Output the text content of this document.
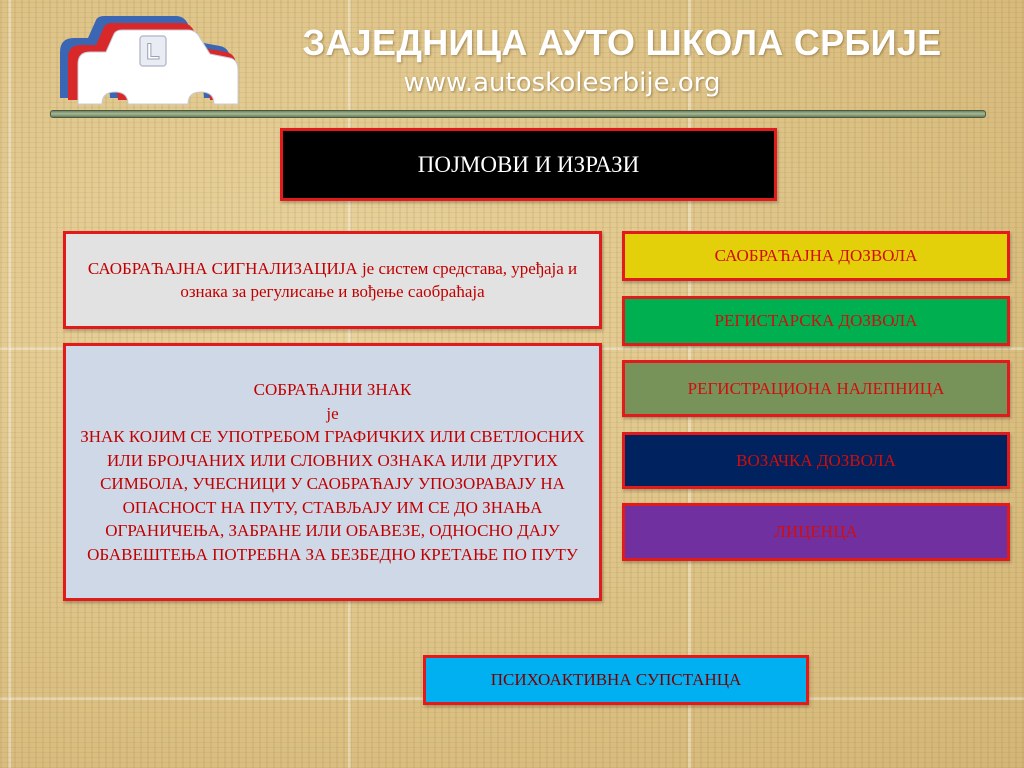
L	ЗАЈЕДНИЦА АУТО ШКОЛА СРБИЈЕ
www.autoskolesrbije.org
ПОЈМОВИ И ИЗРАЗИ
САОБРАЋАЈНА СИГНАЛИЗАЦИЈА је систем средстава, уређаја и ознака за регулисање и вођење саобраћаја
СОБРАЋАЈНИ ЗНАК
је
ЗНАК КОЈИМ СЕ УПОТРЕБОМ ГРАФИЧКИХ ИЛИ СВЕТЛОСНИХ ИЛИ БРОЈЧАНИХ ИЛИ СЛОВНИХ ОЗНАКА ИЛИ ДРУГИХ СИМБОЛА, УЧЕСНИЦИ У САОБРАЋАЈУ УПОЗОРАВАЈУ НА ОПАСНОСТ НА ПУТУ, СТАВЉАЈУ ИМ СЕ ДО ЗНАЊА ОГРАНИЧЕЊА, ЗАБРАНЕ ИЛИ ОБАВЕЗЕ, ОДНОСНО ДАЈУ ОБАВЕШТЕЊА ПОТРЕБНА ЗА БЕЗБЕДНО КРЕТАЊЕ ПО ПУТУ
САОБРАЋАЈНА ДОЗВОЛА
РЕГИСТАРСКА ДОЗВОЛА
РЕГИСТРАЦИОНА НАЛЕПНИЦА
ВОЗАЧКА ДОЗВОЛА
ЛИЦЕНЦА
ПСИХОАКТИВНА СУПСТАНЦА
